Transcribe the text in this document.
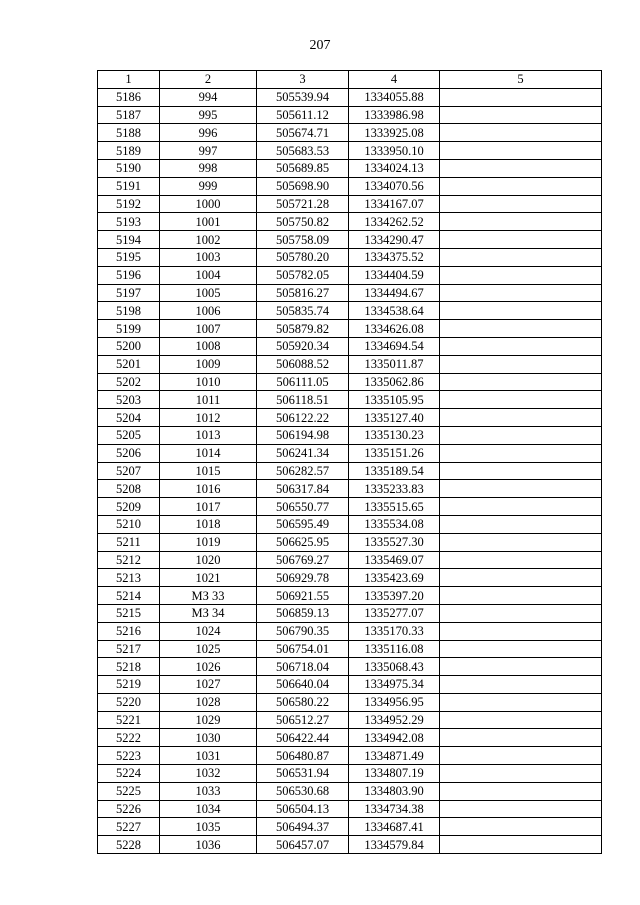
207
1	2	3	4	5
5186	994	505539.94	1334055.88	
5187	995	505611.12	1333986.98	
5188	996	505674.71	1333925.08	
5189	997	505683.53	1333950.10	
5190	998	505689.85	1334024.13	
5191	999	505698.90	1334070.56	
5192	1000	505721.28	1334167.07	
5193	1001	505750.82	1334262.52	
5194	1002	505758.09	1334290.47	
5195	1003	505780.20	1334375.52	
5196	1004	505782.05	1334404.59	
5197	1005	505816.27	1334494.67	
5198	1006	505835.74	1334538.64	
5199	1007	505879.82	1334626.08	
5200	1008	505920.34	1334694.54	
5201	1009	506088.52	1335011.87	
5202	1010	506111.05	1335062.86	
5203	1011	506118.51	1335105.95	
5204	1012	506122.22	1335127.40	
5205	1013	506194.98	1335130.23	
5206	1014	506241.34	1335151.26	
5207	1015	506282.57	1335189.54	
5208	1016	506317.84	1335233.83	
5209	1017	506550.77	1335515.65	
5210	1018	506595.49	1335534.08	
5211	1019	506625.95	1335527.30	
5212	1020	506769.27	1335469.07	
5213	1021	506929.78	1335423.69	
5214	МЗ 33	506921.55	1335397.20	
5215	МЗ 34	506859.13	1335277.07	
5216	1024	506790.35	1335170.33	
5217	1025	506754.01	1335116.08	
5218	1026	506718.04	1335068.43	
5219	1027	506640.04	1334975.34	
5220	1028	506580.22	1334956.95	
5221	1029	506512.27	1334952.29	
5222	1030	506422.44	1334942.08	
5223	1031	506480.87	1334871.49	
5224	1032	506531.94	1334807.19	
5225	1033	506530.68	1334803.90	
5226	1034	506504.13	1334734.38	
5227	1035	506494.37	1334687.41	
5228	1036	506457.07	1334579.84	
